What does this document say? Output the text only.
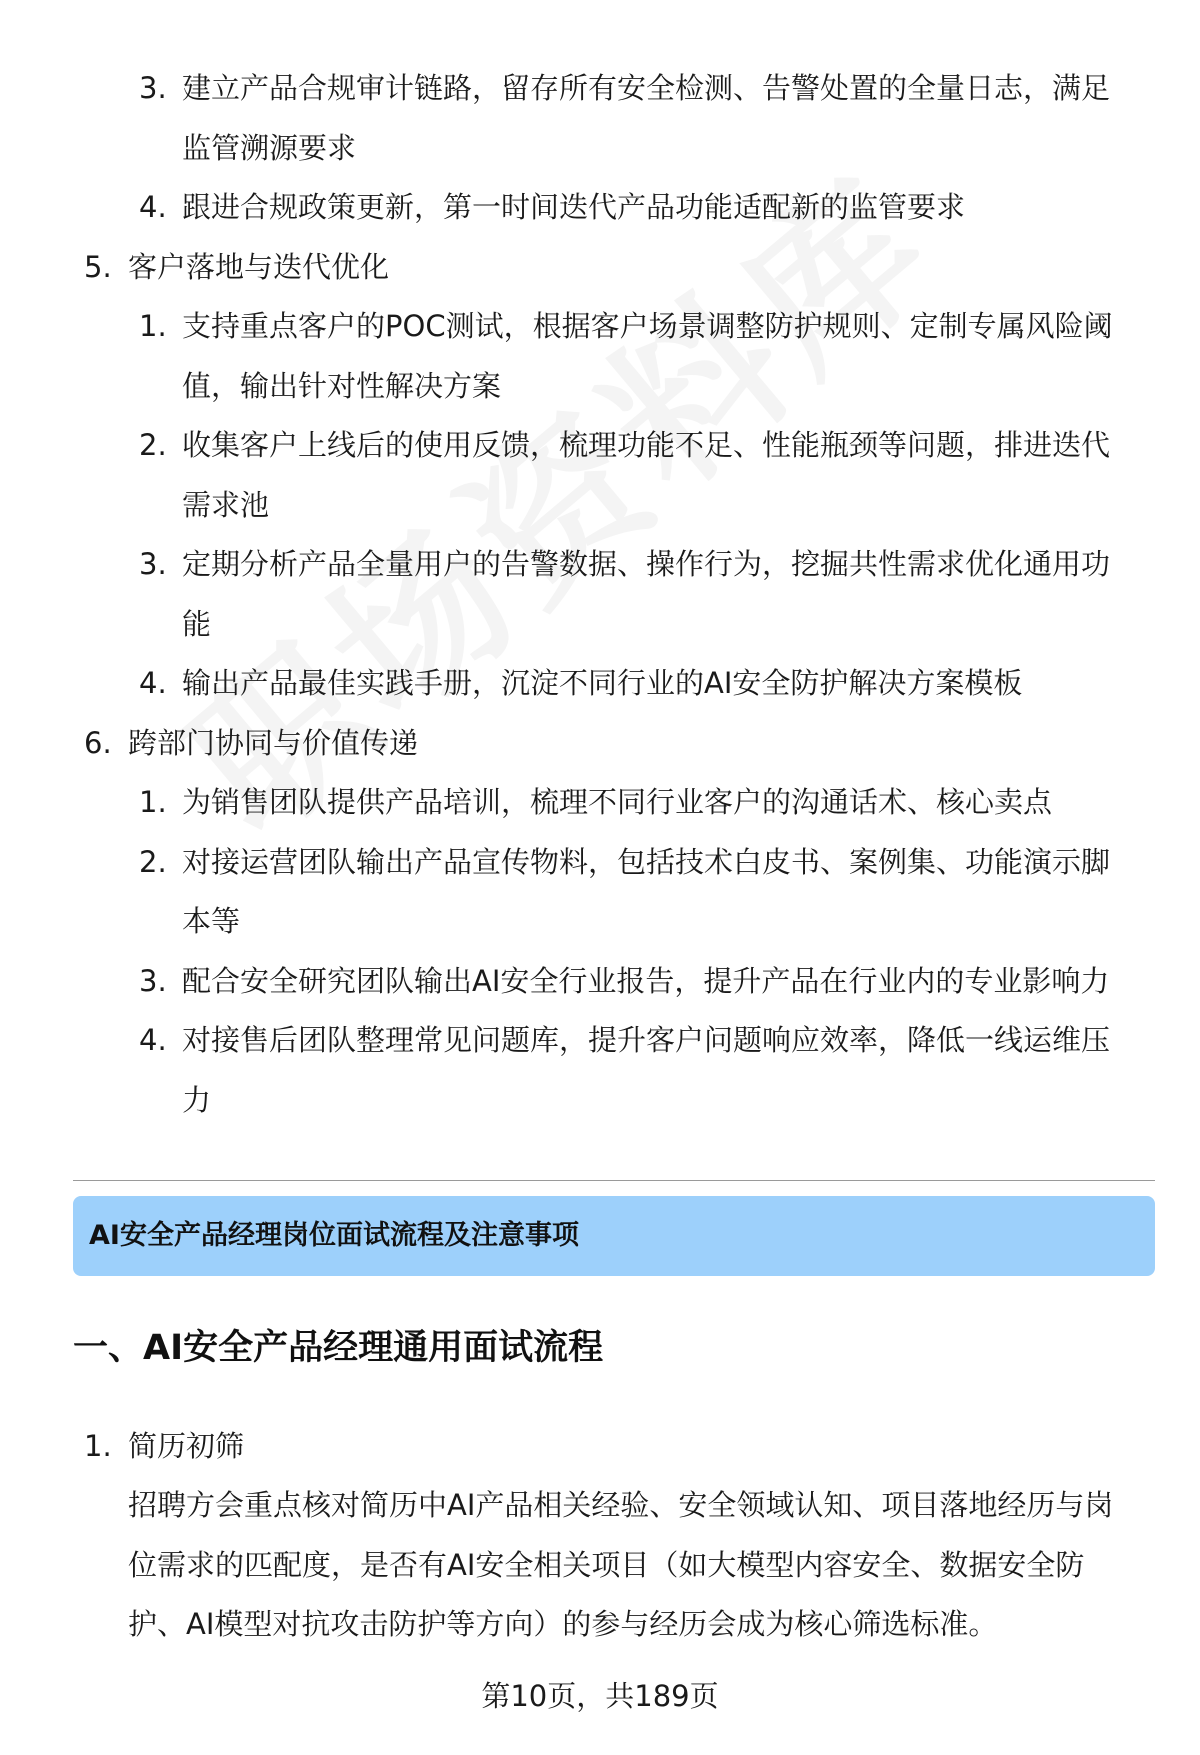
3. 建立产品合规审计链路，留存所有安全检测、告警处置的全量日志，满足
监管溯源要求
4. 跟进合规政策更新，第一时间迭代产品功能适配新的监管要求
5. 客户落地与迭代优化
1. 支持重点客户的POC测试，根据客户场景调整防护规则、定制专属风险阈
值，输出针对性解决方案
2. 收集客户上线后的使用反馈，梳理功能不足、性能瓶颈等问题，排进迭代
需求池
3. 定期分析产品全量用户的告警数据、操作行为，挖掘共性需求优化通用功
能
4. 输出产品最佳实践手册，沉淀不同行业的AI安全防护解决方案模板
6. 跨部门协同与价值传递
1. 为销售团队提供产品培训，梳理不同行业客户的沟通话术、核心卖点
2. 对接运营团队输出产品宣传物料，包括技术白皮书、案例集、功能演示脚
本等
3. 配合安全研究团队输出AI安全行业报告，提升产品在行业内的专业影响力
4. 对接售后团队整理常见问题库，提升客户问题响应效率，降低一线运维压
力
AI安全产品经理岗位面试流程及注意事项
一、AI安全产品经理通用面试流程
1. 简历初筛
招聘方会重点核对简历中AI产品相关经验、安全领域认知、项目落地经历与岗
位需求的匹配度，是否有AI安全相关项目（如大模型内容安全、数据安全防
护、AI模型对抗攻击防护等方向）的参与经历会成为核心筛选标准。
第10页，共189页
